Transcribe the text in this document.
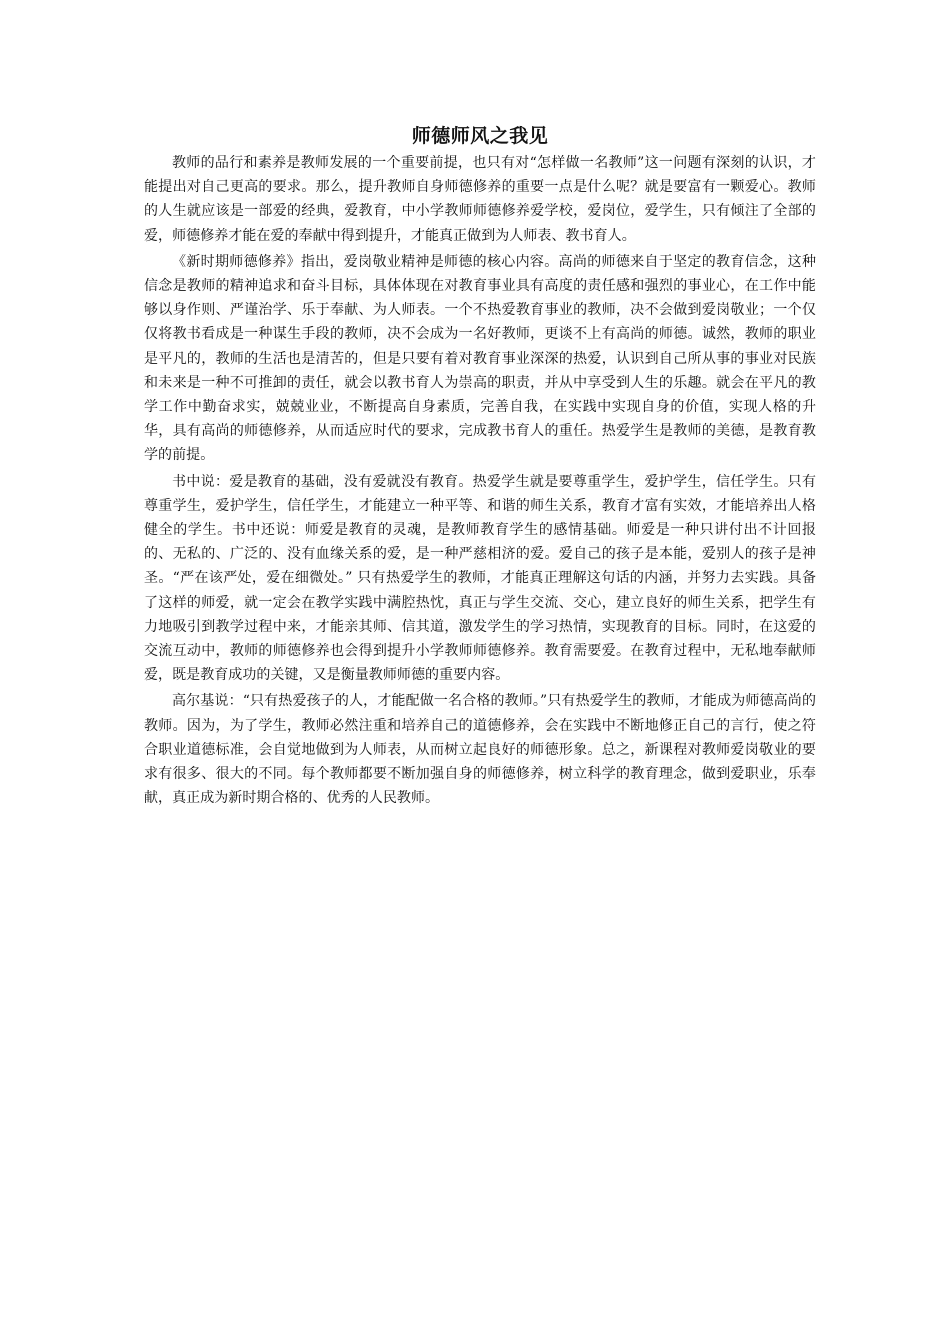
师德师风之我见

教师的品行和素养是教师发展的一个重要前提，也只有对“怎样做一名教师”这一问题有深刻的认识，才能提出对自己更高的要求。那么，提升教师自身师德修养的重要一点是什么呢？就是要富有一颗爱心。教师的人生就应该是一部爱的经典，爱教育，中小学教师师德修养爱学校，爱岗位，爱学生，只有倾注了全部的爱，师德修养才能在爱的奉献中得到提升，才能真正做到为人师表、教书育人。

《新时期师德修养》指出，爱岗敬业精神是师德的核心内容。高尚的师德来自于坚定的教育信念，这种信念是教师的精神追求和奋斗目标，具体体现在对教育事业具有高度的责任感和强烈的事业心，在工作中能够以身作则、严谨治学、乐于奉献、为人师表。一个不热爱教育事业的教师，决不会做到爱岗敬业；一个仅仅将教书看成是一种谋生手段的教师，决不会成为一名好教师，更谈不上有高尚的师德。诚然，教师的职业是平凡的，教师的生活也是清苦的，但是只要有着对教育事业深深的热爱，认识到自己所从事的事业对民族和未来是一种不可推卸的责任，就会以教书育人为崇高的职责，并从中享受到人生的乐趣。就会在平凡的教学工作中勤奋求实，兢兢业业，不断提高自身素质，完善自我，在实践中实现自身的价值，实现人格的升华，具有高尚的师德修养，从而适应时代的要求，完成教书育人的重任。热爱学生是教师的美德，是教育教学的前提。

书中说：爱是教育的基础，没有爱就没有教育。热爱学生就是要尊重学生，爱护学生，信任学生。只有尊重学生，爱护学生，信任学生，才能建立一种平等、和谐的师生关系，教育才富有实效，才能培养出人格健全的学生。书中还说：师爱是教育的灵魂，是教师教育学生的感情基础。师爱是一种只讲付出不计回报的、无私的、广泛的、没有血缘关系的爱，是一种严慈相济的爱。爱自己的孩子是本能，爱别人的孩子是神圣。“严在该严处，爱在细微处。” 只有热爱学生的教师，才能真正理解这句话的内涵，并努力去实践。具备了这样的师爱，就一定会在教学实践中满腔热忱，真正与学生交流、交心，建立良好的师生关系，把学生有力地吸引到教学过程中来，才能亲其师、信其道，激发学生的学习热情，实现教育的目标。同时，在这爱的交流互动中，教师的师德修养也会得到提升小学教师师德修养。教育需要爱。在教育过程中，无私地奉献师爱，既是教育成功的关键，又是衡量教师师德的重要内容。

高尔基说：“只有热爱孩子的人，才能配做一名合格的教师。”只有热爱学生的教师，才能成为师德高尚的教师。因为，为了学生，教师必然注重和培养自己的道德修养，会在实践中不断地修正自己的言行，使之符合职业道德标准，会自觉地做到为人师表，从而树立起良好的师德形象。总之，新课程对教师爱岗敬业的要求有很多、很大的不同。每个教师都要不断加强自身的师德修养，树立科学的教育理念，做到爱职业，乐奉献，真正成为新时期合格的、优秀的人民教师。
